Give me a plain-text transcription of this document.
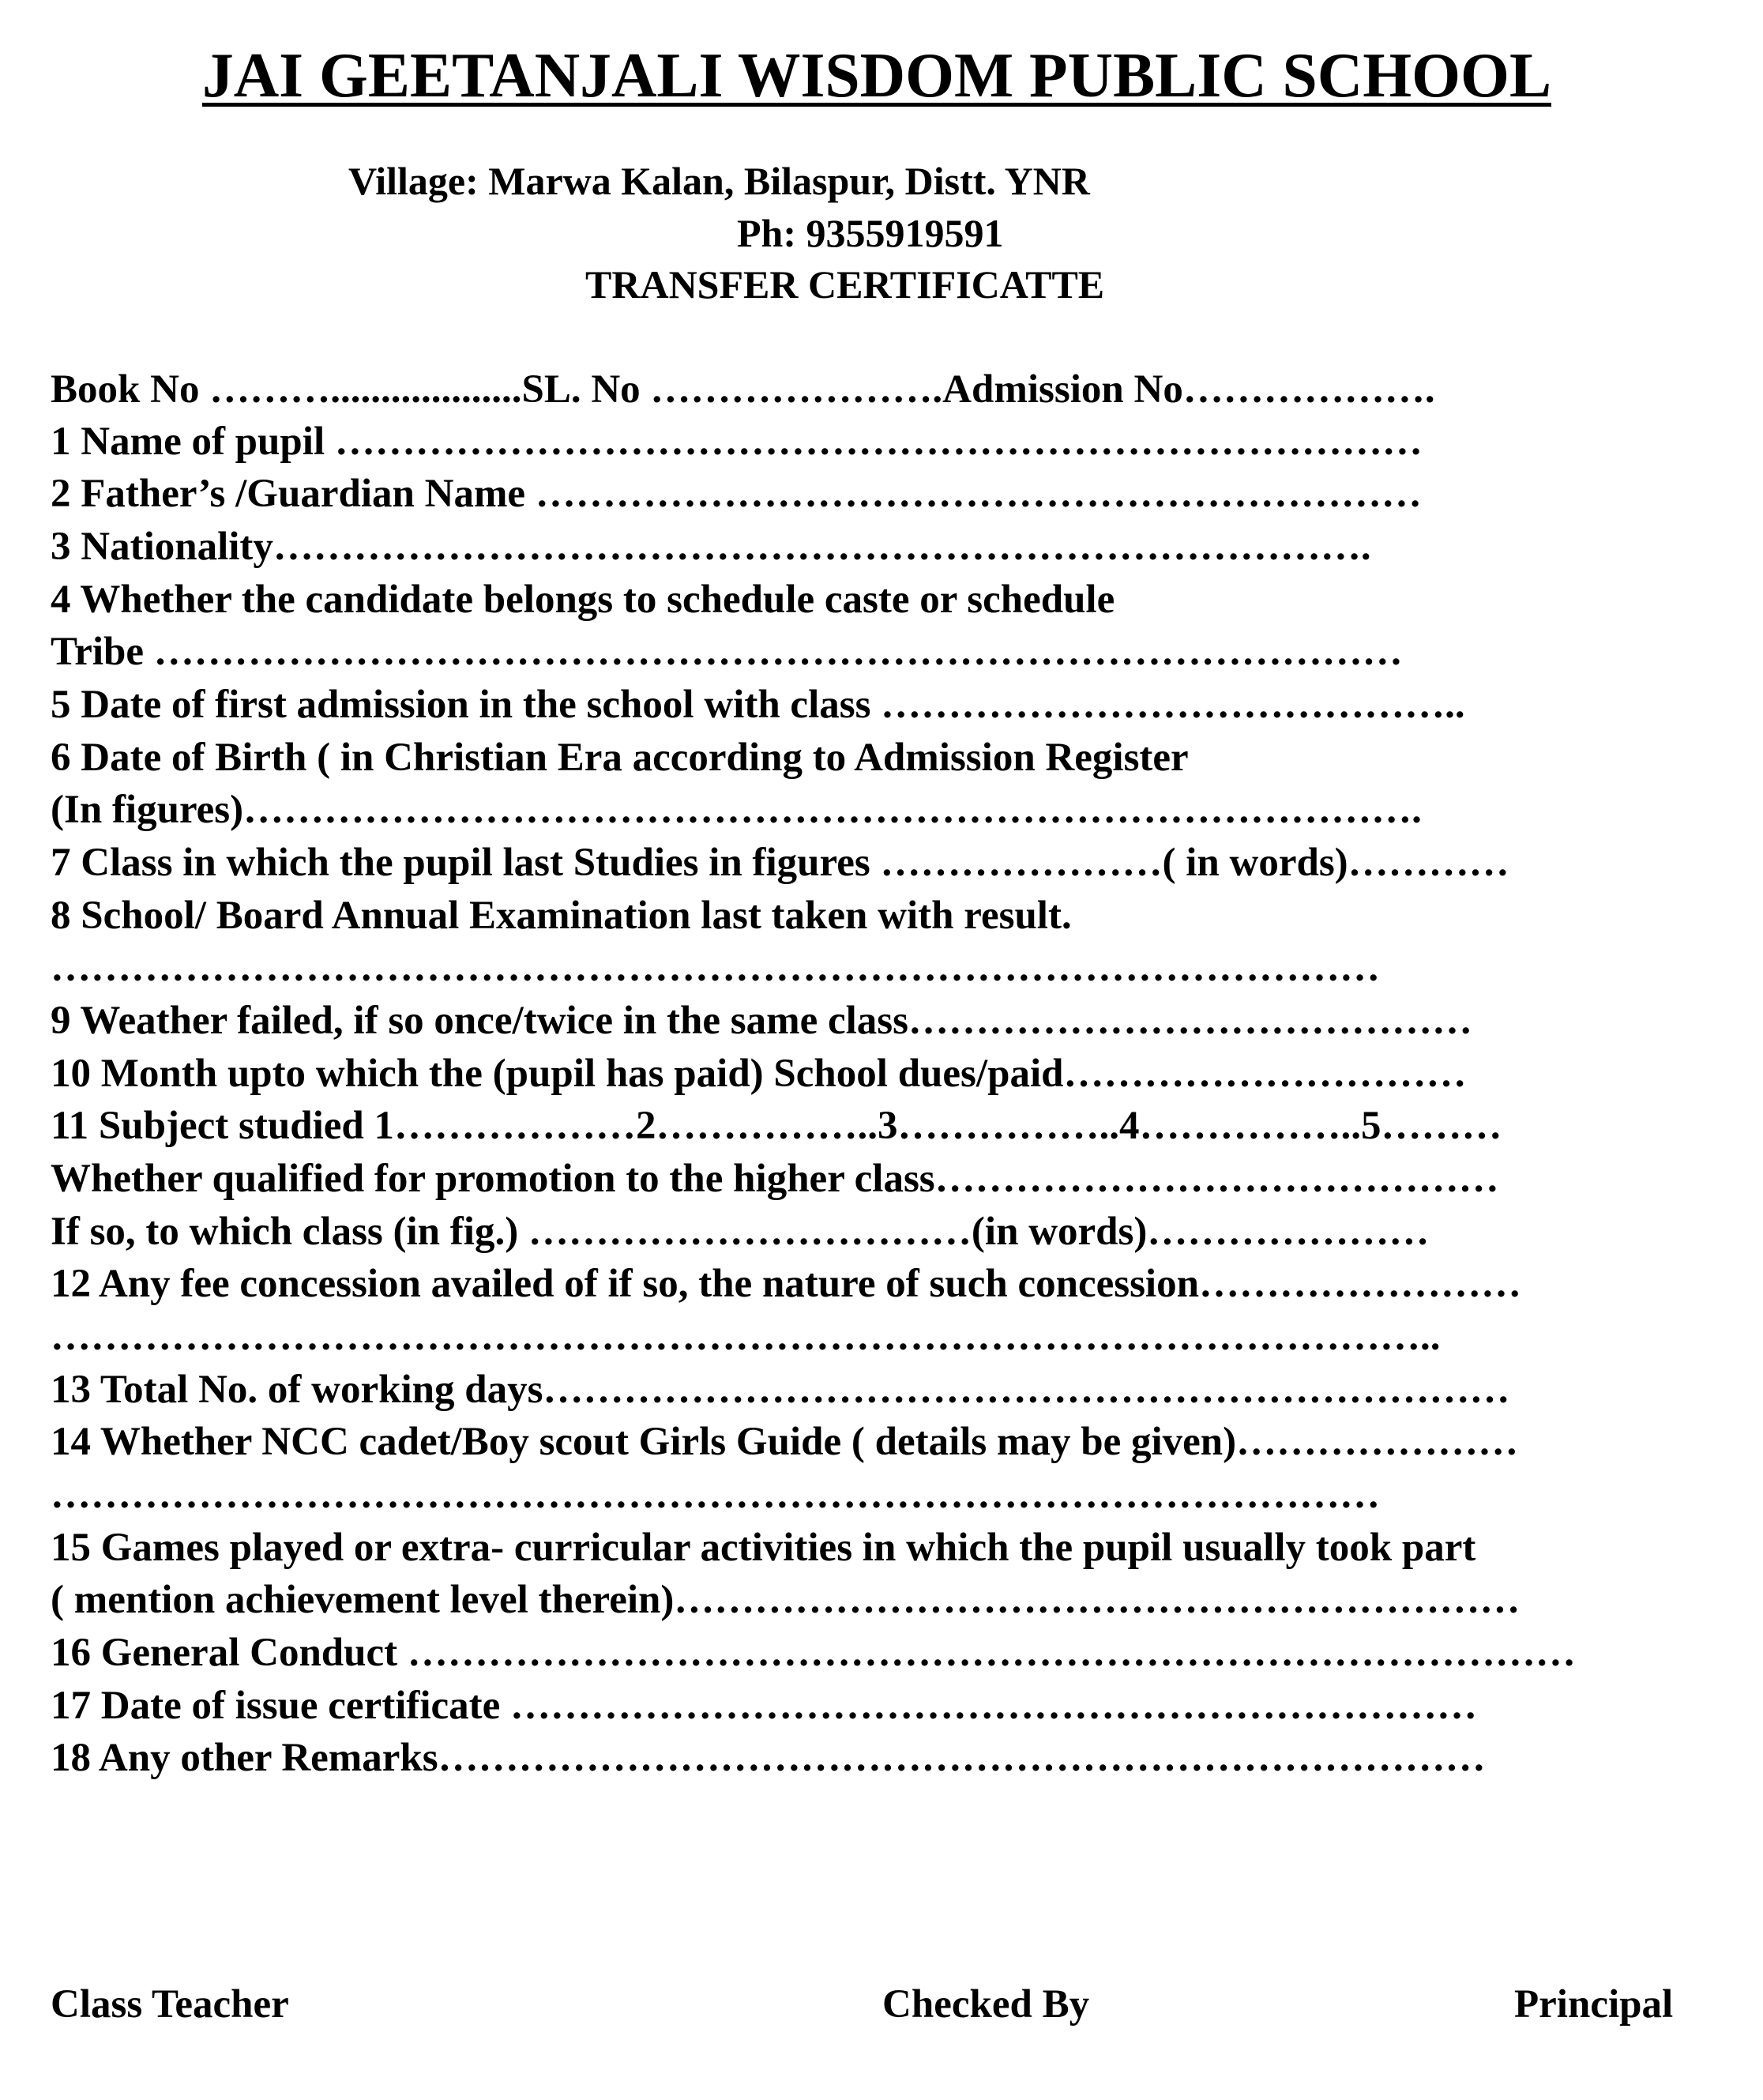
JAI GEETANJALI WISDOM PUBLIC SCHOOL
Village: Marwa Kalan, Bilaspur, Distt. YNR
Ph: 9355919591
TRANSFER CERTIFICATTE
Book No ………...................SL. No ………………….Admission No……………….
1 Name of pupil ………………………………………………………………………
2 Father’s /Guardian Name …………………………………………………………
3 Nationality……………………………………………………………………….
4 Whether the candidate belongs to schedule caste or schedule
Tribe …………………………………………………………………………………
5 Date of first admission in the school with class ……………………………………..
6 Date of Birth ( in Christian Era according to Admission Register
(In figures)…………………………………………………………………………….
7 Class in which the pupil last Studies in figures …………………( in words)…………
8 School/ Board Annual Examination last taken with result.
………………………………………………………………………………………
9 Weather failed, if so once/twice in the same class……………………………………
10 Month upto which the (pupil has paid) School dues/paid…………………………
11 Subject studied 1………………2……………..3……………..4……………..5………
Whether qualified for promotion to the higher class……………………………………
If so, to which class (in fig.) ……………………………(in words)…………………
12 Any fee concession availed of if so, the nature of such concession……………………
…………………………………………………………………………………………..
13 Total No. of working days………………………………………………………………
14 Whether NCC cadet/Boy scout Girls Guide ( details may be given)…………………
………………………………………………………………………………………
15 Games played or extra- curricular activities in which the pupil usually took part
( mention achievement level therein)………………………………………………………
16 General Conduct ……………………………………………………………………………
17 Date of issue certificate ………………………………………………………………
18 Any other Remarks……………………………………………………………………
Class Teacher	Checked By	Principal
